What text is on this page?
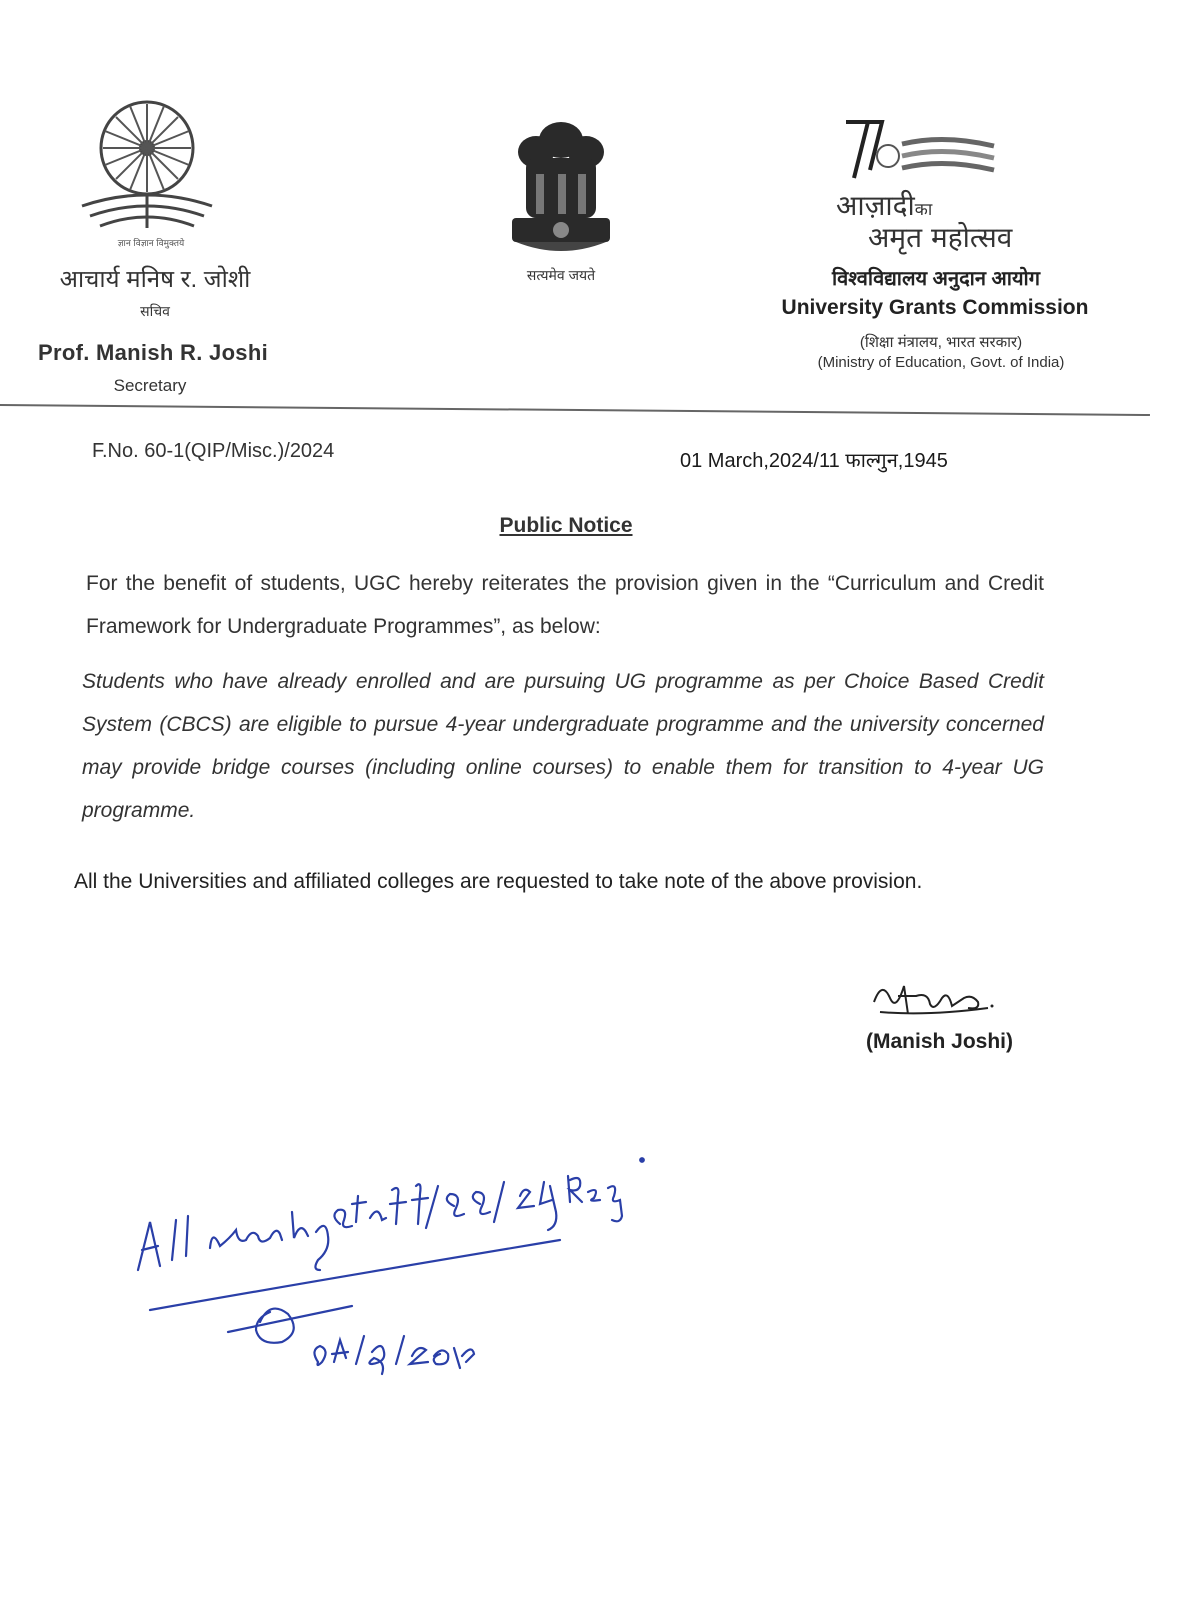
ज्ञान विज्ञान विमुक्तये
आचार्य मनिष र. जोशी
सचिव
Prof. Manish R. Joshi
Secretary
सत्यमेव जयते
आज़ादीका
अमृत महोत्सव
विश्वविद्यालय अनुदान आयोग
University Grants Commission
(शिक्षा मंत्रालय, भारत सरकार)
(Ministry of Education, Govt. of India)
F.No. 60-1(QIP/Misc.)/2024	01 March,2024/11 फाल्गुन,1945
Public Notice
For the benefit of students, UGC hereby reiterates the provision given in the “Curriculum and Credit Framework for Undergraduate Programmes”, as below:
Students who have already enrolled and are pursuing UG programme as per Choice Based Credit System (CBCS) are eligible to pursue 4-year undergraduate programme and the university concerned may provide bridge courses (including online courses) to enable them for transition to 4-year UG programme.
All the Universities and affiliated colleges are requested to take note of the above provision.
(Manish Joshi)
